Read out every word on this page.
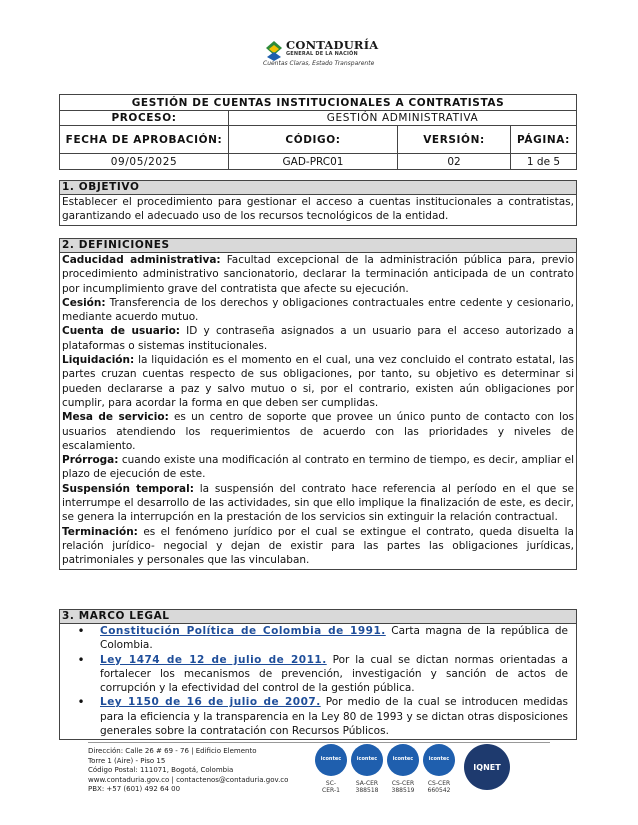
CONTADURÍA
GENERAL DE LA NACIÓN
Cuentas Claras, Estado Transparente
GESTIÓN DE CUENTAS INSTITUCIONALES A CONTRATISTAS			
PROCESO:	GESTIÓN ADMINISTRATIVA		
FECHA DE APROBACIÓN:	CÓDIGO:	VERSIÓN:	PÁGINA:
09/05/2025	GAD-PRC01	02	1 de 5
1. OBJETIVO
Establecer el procedimiento para gestionar el acceso a cuentas institucionales a contratistas, garantizando el adecuado uso de los recursos tecnológicos de la entidad.
2. DEFINICIONES

Caducidad administrativa: Facultad excepcional de la administración pública para, previo procedimiento administrativo sancionatorio, declarar la terminación anticipada de un contrato por incumplimiento grave del contratista que afecte su ejecución.

Cesión: Transferencia de los derechos y obligaciones contractuales entre cedente y cesionario, mediante acuerdo mutuo.

Cuenta de usuario: ID y contraseña asignados a un usuario para el acceso autorizado a plataformas o sistemas institucionales.

Liquidación: la liquidación es el momento en el cual, una vez concluido el contrato estatal, las partes cruzan cuentas respecto de sus obligaciones, por tanto, su objetivo es determinar si pueden declararse a paz y salvo mutuo o si, por el contrario, existen aún obligaciones por cumplir, para acordar la forma en que deben ser cumplidas.

Mesa de servicio: es un centro de soporte que provee un único punto de contacto con los usuarios atendiendo los requerimientos de acuerdo con las prioridades y niveles de escalamiento.

Prórroga: cuando existe una modificación al contrato en termino de tiempo, es decir, ampliar el plazo de ejecución de este.

Suspensión temporal: la suspensión del contrato hace referencia al período en el que se interrumpe el desarrollo de las actividades, sin que ello implique la finalización de este, es decir, se genera la interrupción en la prestación de los servicios sin extinguir la relación contractual.

Terminación: es el fenómeno jurídico por el cual se extingue el contrato, queda disuelta la relación jurídico- negocial y dejan de existir para las partes las obligaciones jurídicas, patrimoniales y personales que las vinculaban.

3. MARCO LEGAL
•	Constitución Política de Colombia de 1991. Carta magna de la república de Colombia.
•	Ley 1474 de 12 de julio de 2011. Por la cual se dictan normas orientadas a fortalecer los mecanismos de prevención, investigación y sanción de actos de corrupción y la efectividad del control de la gestión pública.
•	Ley 1150 de 16 de julio de 2007. Por medio de la cual se introducen medidas para la eficiencia y la transparencia en la Ley 80 de 1993 y se dictan otras disposiciones generales sobre la contratación con Recursos Públicos.
Dirección: Calle 26 # 69 - 76 | Edificio Elemento
Torre 1 (Aire) - Piso 15
Código Postal: 111071, Bogotá, Colombia
www.contaduria.gov.co | contactenos@contaduria.gov.co
PBX: +57 (601) 492 64 00
icontec
SC-
CER-1
icontec
SA-CER
388518
icontec
CS-CER
388519
icontec
CS-CER
660542
IQNET
